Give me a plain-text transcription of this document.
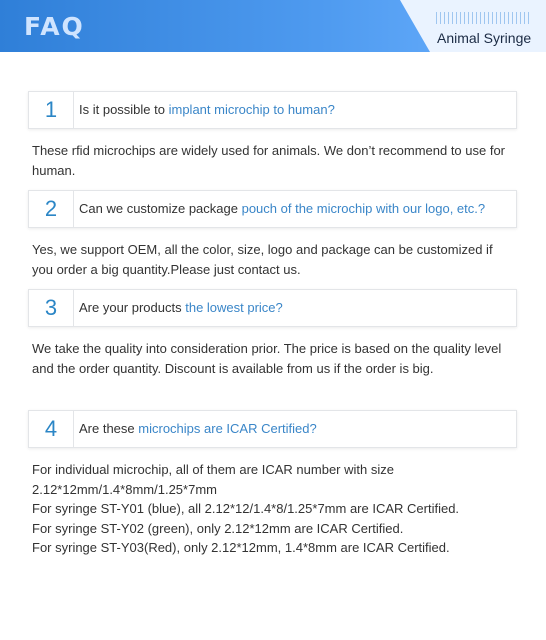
FAQ	Animal Syringe
1	Is it possible to implant microchip to human?
These rfid microchips are widely used for animals. We don’t recommend to use for
human.
2	Can we customize package pouch of the microchip with our logo, etc.?
Yes, we support OEM, all the color, size, logo and package can be customized if
you order a big quantity.Please just contact us.
3	Are your products the lowest price?
We take the quality into consideration prior. The price is based on the quality level
and the order quantity. Discount is available from us if the order is big.
4	Are these microchips are ICAR Certified?
For individual microchip, all of them are ICAR number with size
2.12*12mm/1.4*8mm/1.25*7mm
For syringe ST-Y01 (blue), all 2.12*12/1.4*8/1.25*7mm are ICAR Certified.
For syringe ST-Y02 (green), only 2.12*12mm are ICAR Certified.
For syringe ST-Y03(Red), only 2.12*12mm, 1.4*8mm are ICAR Certified.
